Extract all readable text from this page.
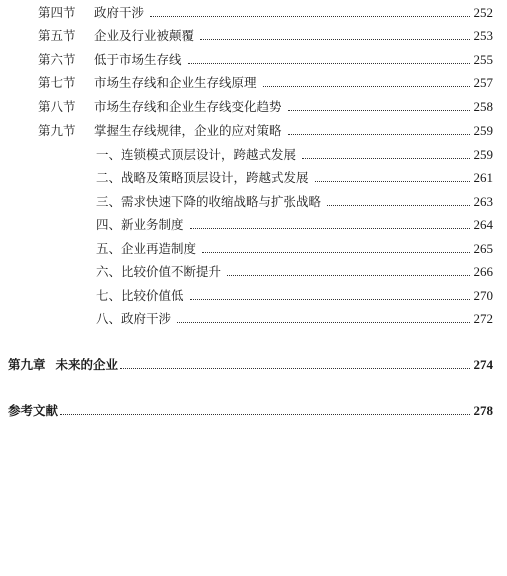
第四节	政府干涉	252
第五节	企业及行业被颠覆	253
第六节	低于市场生存线	255
第七节	市场生存线和企业生存线原理	257
第八节	市场生存线和企业生存线变化趋势	258
第九节	掌握生存线规律，企业的应对策略	259
一、连锁模式顶层设计，跨越式发展	259
二、战略及策略顶层设计，跨越式发展	261
三、需求快速下降的收缩战略与扩张战略	263
四、新业务制度	264
五、企业再造制度	265
六、比较价值不断提升	266
七、比较价值低	270
八、政府干涉	272
第九章 未来的企业	274
参考文献	278
